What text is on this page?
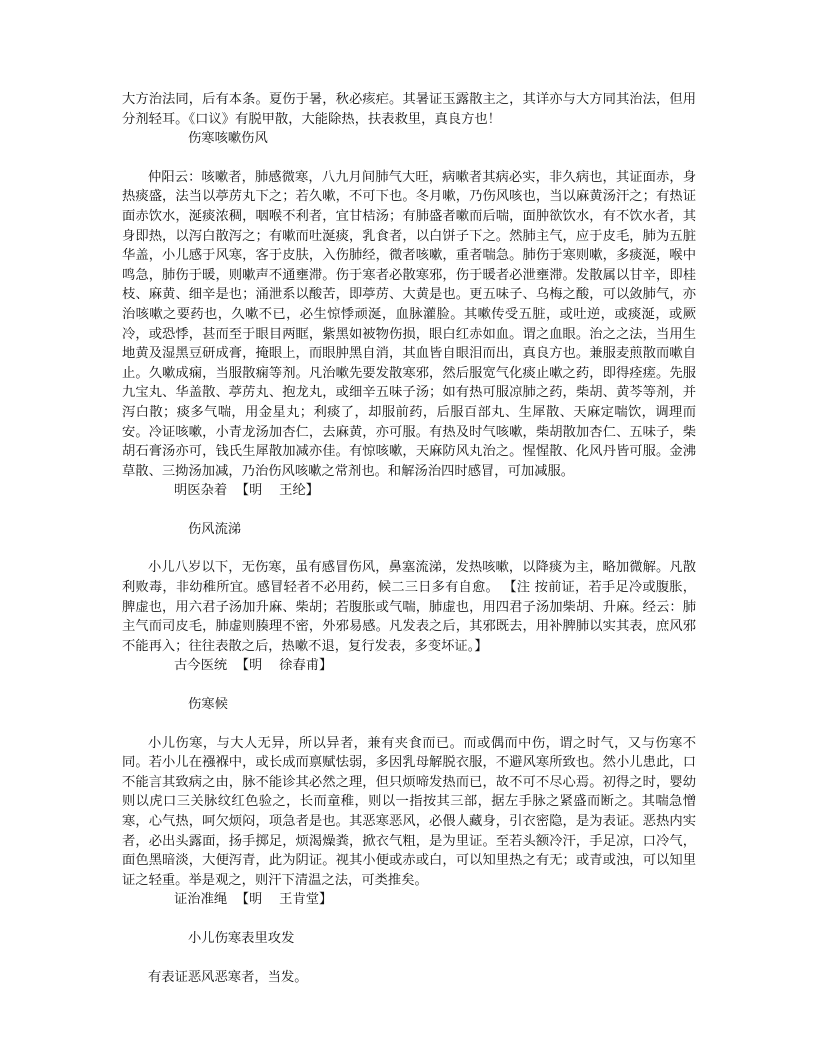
大方治法同，后有本条。夏伤于暑，秋必痎疟。其暑证玉露散主之，其详亦与大方同其治法，但用分剂轻耳。《口议》有脱甲散，大能除热，扶表救里，真良方也！

伤寒咳嗽伤风

仲阳云：咳嗽者，肺感微寒，八九月间肺气大旺，病嗽者其病必实，非久病也，其证面赤，身热痰盛，法当以葶苈丸下之；若久嗽，不可下也。冬月嗽，乃伤风咳也，当以麻黄汤汗之；有热证面赤饮水，涎痰浓稠，咽喉不利者，宜甘桔汤；有肺盛者嗽而后喘，面肿欲饮水，有不饮水者，其身即热，以泻白散泻之；有嗽而吐涎痰，乳食者，以白饼子下之。然肺主气，应于皮毛，肺为五脏华盖，小儿感于风寒，客于皮肤，入伤肺经，微者咳嗽，重者喘急。肺伤于寒则嗽，多痰涎，喉中鸣急，肺伤于暖，则嗽声不通壅滞。伤于寒者必散寒邪，伤于暖者必泄壅滞。发散属以甘辛，即桂枝、麻黄、细辛是也；涌泄系以酸苦，即葶苈、大黄是也。更五味子、乌梅之酸，可以敛肺气，亦治咳嗽之要药也，久嗽不已，必生惊悸顽涎，血脉灌脸。其嗽传受五脏，或吐逆，或痰涎，或厥冷，或恐悸，甚而至于眼目两眶，紫黑如被物伤损，眼白红赤如血。谓之血眼。治之之法，当用生地黄及湿黑豆研成膏，掩眼上，而眼肿黑自消，其血皆自眼泪而出，真良方也。兼服麦煎散而嗽自止。久嗽成痫，当服散痫等剂。凡治嗽先要发散寒邪，然后服宽气化痰止嗽之药，即得痊瘥。先服九宝丸、华盖散、葶苈丸、抱龙丸，或细辛五味子汤；如有热可服凉肺之药，柴胡、黄芩等剂，并泻白散；痰多气喘，用金星丸；利痰了，却服前药，后服百部丸、生犀散、天麻定喘饮，调理而安。冷证咳嗽，小青龙汤加杏仁，去麻黄，亦可服。有热及时气咳嗽，柴胡散加杏仁、五味子，柴胡石膏汤亦可，钱氏生犀散加减亦佳。有惊咳嗽，天麻防风丸治之。惺惺散、化风丹皆可服。金沸草散、三拗汤加减，乃治伤风咳嗽之常剂也。和解汤治四时感冒，可加减服。

明医杂着  【明    王纶】

伤风流涕

小儿八岁以下，无伤寒，虽有感冒伤风，鼻塞流涕，发热咳嗽，以降痰为主，略加微解。凡散利败毒，非幼稚所宜。感冒轻者不必用药，候二三日多有自愈。 【注 按前证，若手足冷或腹胀，脾虚也，用六君子汤加升麻、柴胡；若腹胀或气喘，肺虚也，用四君子汤加柴胡、升麻。经云：肺主气而司皮毛，肺虚则腠理不密，外邪易感。凡发表之后，其邪既去，用补脾肺以实其表，庶风邪不能再入；往往表散之后，热嗽不退，复行发表，多变坏证。】

古今医统  【明    徐春甫】

伤寒候

小儿伤寒，与大人无异，所以异者，兼有夹食而已。而或偶而中伤，谓之时气，又与伤寒不同。若小儿在襁褓中，或长成而禀赋怯弱，多因乳母解脱衣服，不避风寒所致也。然小儿患此，口不能言其致病之由，脉不能诊其必然之理，但只烦啼发热而已，故不可不尽心焉。初得之时，婴幼则以虎口三关脉纹红色验之，长而童稚，则以一指按其三部，据左手脉之紧盛而断之。其喘急憎寒，心气热，呵欠烦闷，项急者是也。其恶寒恶风，必偎人藏身，引衣密隐，是为表证。恶热内实者，必出头露面，扬手掷足，烦渴燥粪，掀衣气粗，是为里证。至若头额冷汗，手足凉，口冷气，面色黑暗淡，大便泻青，此为阴证。视其小便或赤或白，可以知里热之有无；或青或浊，可以知里证之轻重。举是观之，则汗下清温之法，可类推矣。

证治准绳  【明    王肯堂】

小儿伤寒表里攻发

有表证恶风恶寒者，当发。
